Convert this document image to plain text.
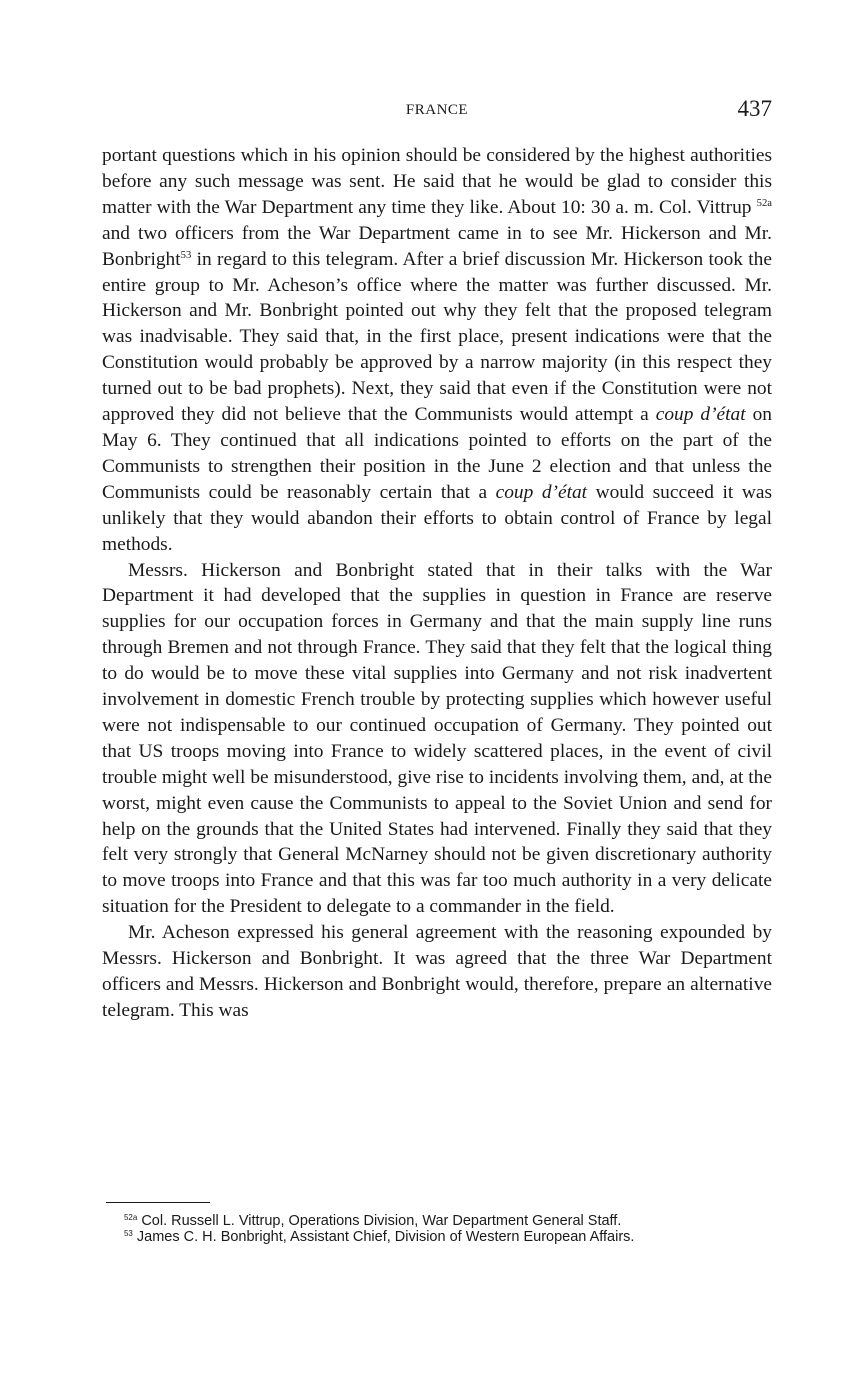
FRANCE	437

portant questions which in his opinion should be considered by the highest authorities before any such message was sent. He said that he would be glad to consider this matter with the War Department any time they like. About 10: 30 a. m. Col. Vittrup $^{52a}$ and two officers from the War Department came in to see Mr. Hickerson and Mr. Bonbright$^{53}$ in regard to this telegram. After a brief discussion Mr. Hickerson took the entire group to Mr. Acheson’s office where the matter was further discussed. Mr. Hickerson and Mr. Bonbright pointed out why they felt that the proposed telegram was inadvisable. They said that, in the first place, present indications were that the Constitution would probably be approved by a narrow majority (in this respect they turned out to be bad prophets). Next, they said that even if the Constitution were not approved they did not believe that the Communists would attempt a coup d’état on May 6. They continued that all indications pointed to efforts on the part of the Communists to strengthen their position in the June 2 election and that unless the Communists could be reasonably certain that a coup d’état would succeed it was unlikely that they would abandon their efforts to obtain control of France by legal methods.

Messrs. Hickerson and Bonbright stated that in their talks with the War Department it had developed that the supplies in question in France are reserve supplies for our occupation forces in Germany and that the main supply line runs through Bremen and not through France. They said that they felt that the logical thing to do would be to move these vital supplies into Germany and not risk inadvertent involvement in domestic French trouble by protecting supplies which however useful were not indispensable to our continued occupation of Germany. They pointed out that US troops moving into France to widely scattered places, in the event of civil trouble might well be misunderstood, give rise to incidents involving them, and, at the worst, might even cause the Communists to appeal to the Soviet Union and send for help on the grounds that the United States had intervened. Finally they said that they felt very strongly that General McNarney should not be given discretionary authority to move troops into France and that this was far too much authority in a very delicate situation for the President to delegate to a commander in the field.

Mr. Acheson expressed his general agreement with the reasoning expounded by Messrs. Hickerson and Bonbright. It was agreed that the three War Department officers and Messrs. Hickerson and Bonbright would, therefore, prepare an alternative telegram. This was

$^{52a}$ Col. Russell L. Vittrup, Operations Division, War Department General Staff.

$^{53}$ James C. H. Bonbright, Assistant Chief, Division of Western European Affairs.
